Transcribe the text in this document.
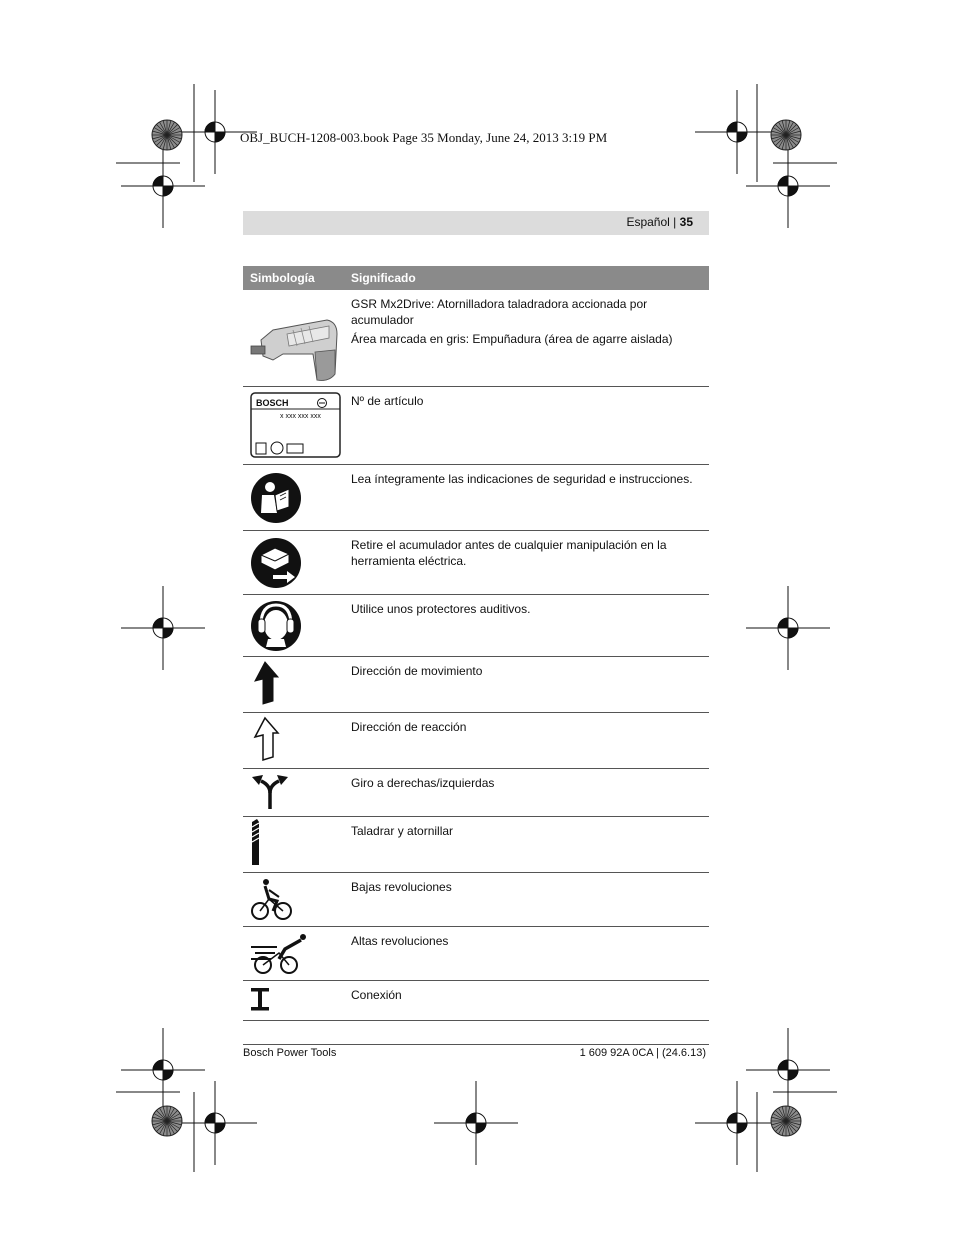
OBJ_BUCH-1208-003.book Page 35 Monday, June 24, 2013 3:19 PM
Español | 35
Simbología	Significado
GSR Mx2Drive: Atornilladora taladradora accionada por acumulador
Área marcada en gris: Empuñadura (área de agarre aislada)
BOSCH
x xxx xxx xxx
Nº de artículo
Lea íntegramente las indicaciones de seguridad e instrucciones.
Retire el acumulador antes de cualquier manipulación en la herramienta eléctrica.
Utilice unos protectores auditivos.
Dirección de movimiento
Dirección de reacción
Giro a derechas/izquierdas
Taladrar y atornillar
Bajas revoluciones
Altas revoluciones
Conexión
Bosch Power Tools	1 609 92A 0CA | (24.6.13)
